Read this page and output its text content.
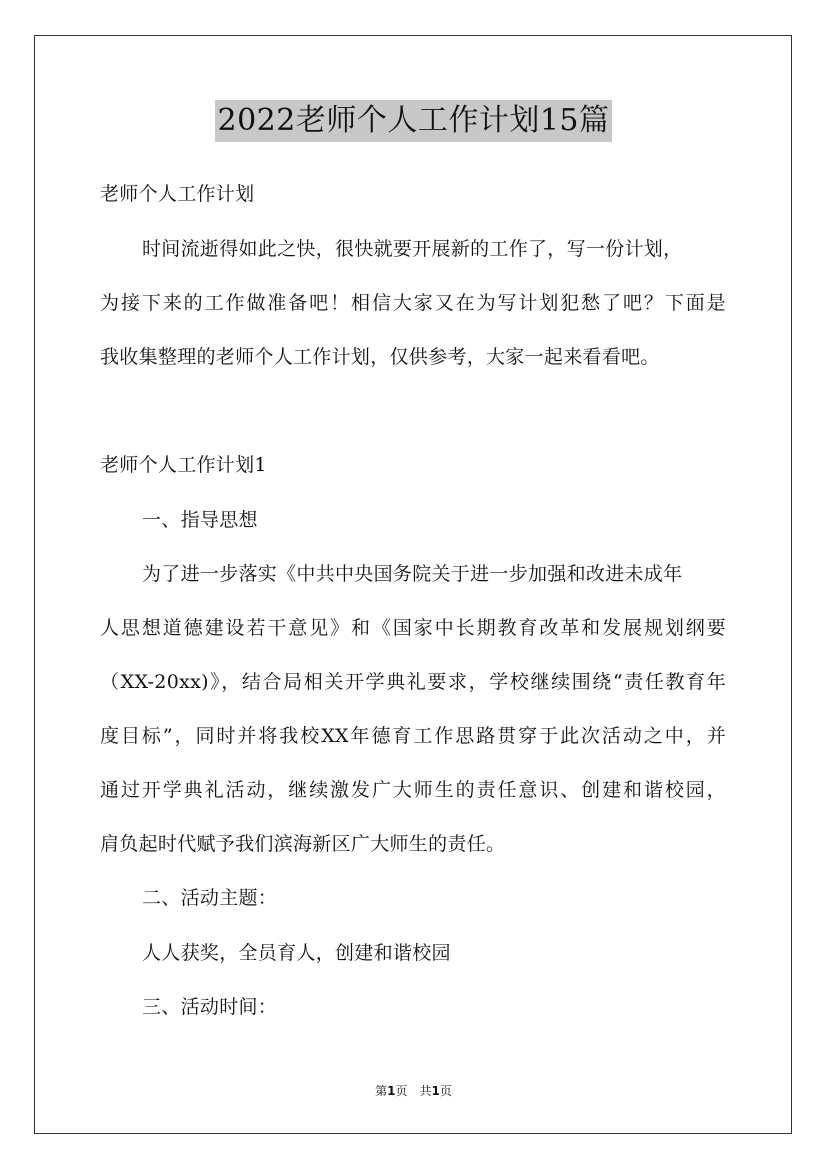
2022老师个人工作计划15篇
老师个人工作计划
时间流逝得如此之快，很快就要开展新的工作了，写一份计划，
为接下来的工作做准备吧！相信大家又在为写计划犯愁了吧？下面是
我收集整理的老师个人工作计划，仅供参考，大家一起来看看吧。
老师个人工作计划1
一、指导思想
为了进一步落实《中共中央国务院关于进一步加强和改进未成年
人思想道德建设若干意见》和《国家中长期教育改革和发展规划纲要
（XX-20xx)》，结合局相关开学典礼要求，学校继续围绕“责任教育年
度目标”，同时并将我校XX年德育工作思路贯穿于此次活动之中，并
通过开学典礼活动，继续激发广大师生的责任意识、创建和谐校园，
肩负起时代赋予我们滨海新区广大师生的责任。
二、活动主题：
人人获奖，全员育人，创建和谐校园
三、活动时间：
第1页　共1页
